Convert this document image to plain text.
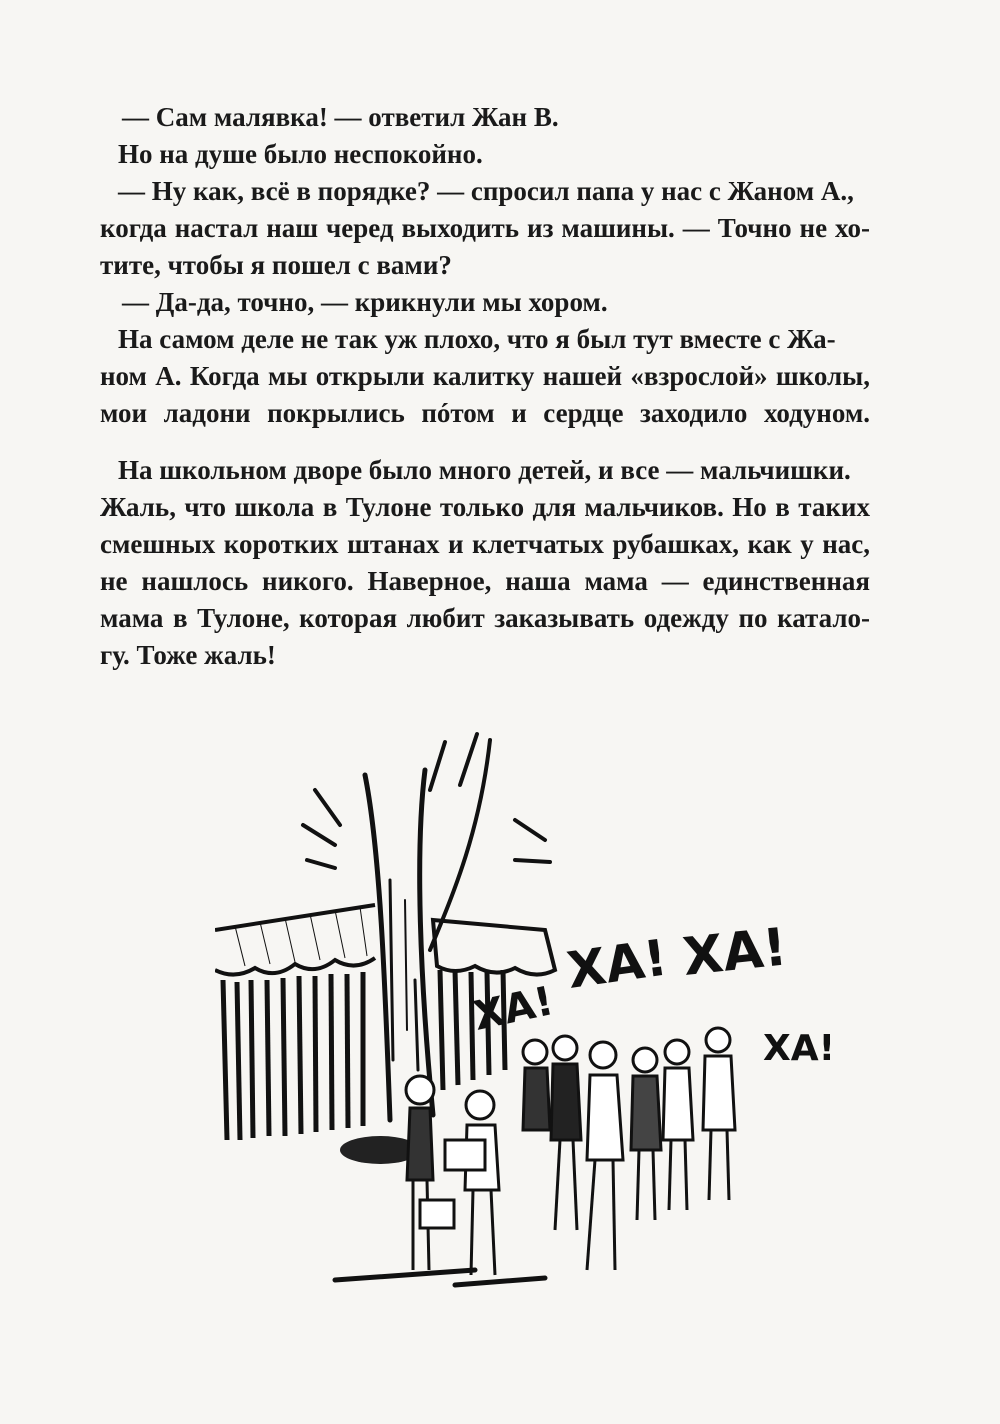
— Сам малявка! — ответил Жан В.
Но на душе было неспокойно.
— Ну как, всё в порядке? — спросил папа у нас с Жаном А.,
когда настал наш черед выходить из машины. — Точно не хо-
тите, чтобы я пошел с вами?
— Да-да, точно, — крикнули мы хором.
На самом деле не так уж плохо, что я был тут вместе с Жа-
ном А. Когда мы открыли калитку нашей «взрослой» школы,
мои ладони покрылись пóтом и сердце заходило ходуном.
На школьном дворе было много детей, и все — мальчишки.
Жаль, что школа в Тулоне только для мальчиков. Но в таких
смешных коротких штанах и клетчатых рубашках, как у нас,
не нашлось никого. Наверное, наша мама — единственная
мама в Тулоне, которая любит заказывать одежду по катало-
гу. Тоже жаль!
ХА!
ХА! ХА!
ХА!
